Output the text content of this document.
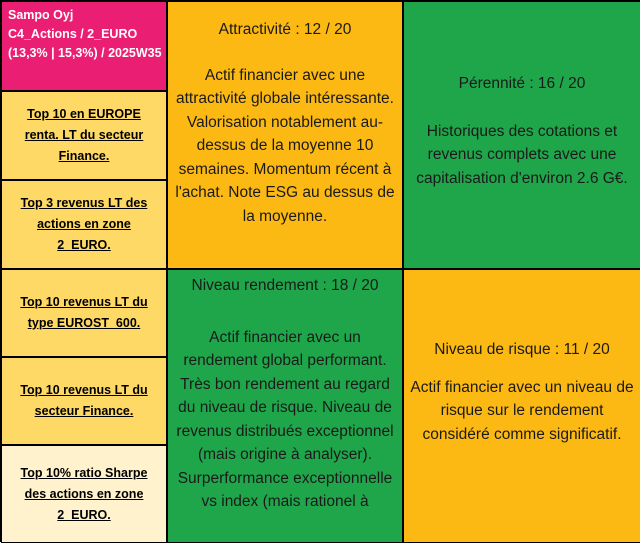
Sampo Oyj
C4_Actions / 2_EURO
(13,3% | 15,3%) / 2025W35
Top 10 en EUROPE renta. LT du secteur Finance.
Top 3 revenus LT des actions en zone 2_EURO.
Top 10 revenus LT du type EUROST_600.
Top 10 revenus LT du secteur Finance.
Top 10% ratio Sharpe des actions en zone 2_EURO.
Attractivité : 12 / 20
Actif financier avec une attractivité globale intéressante. Valorisation notablement au-dessus de la moyenne 10 semaines. Momentum récent à l'achat. Note ESG au dessus de la moyenne.
Pérennité : 16 / 20
Historiques des cotations et revenus complets avec une capitalisation d'environ 2.6 G€.
Niveau rendement : 18 / 20
Actif financier avec un rendement global performant. Très bon rendement au regard du niveau de risque. Niveau de revenus distribués exceptionnel (mais origine à analyser). Surperformance exceptionnelle vs index (mais rationel à
Niveau de risque : 11 / 20
Actif financier avec un niveau de risque sur le rendement considéré comme significatif.
